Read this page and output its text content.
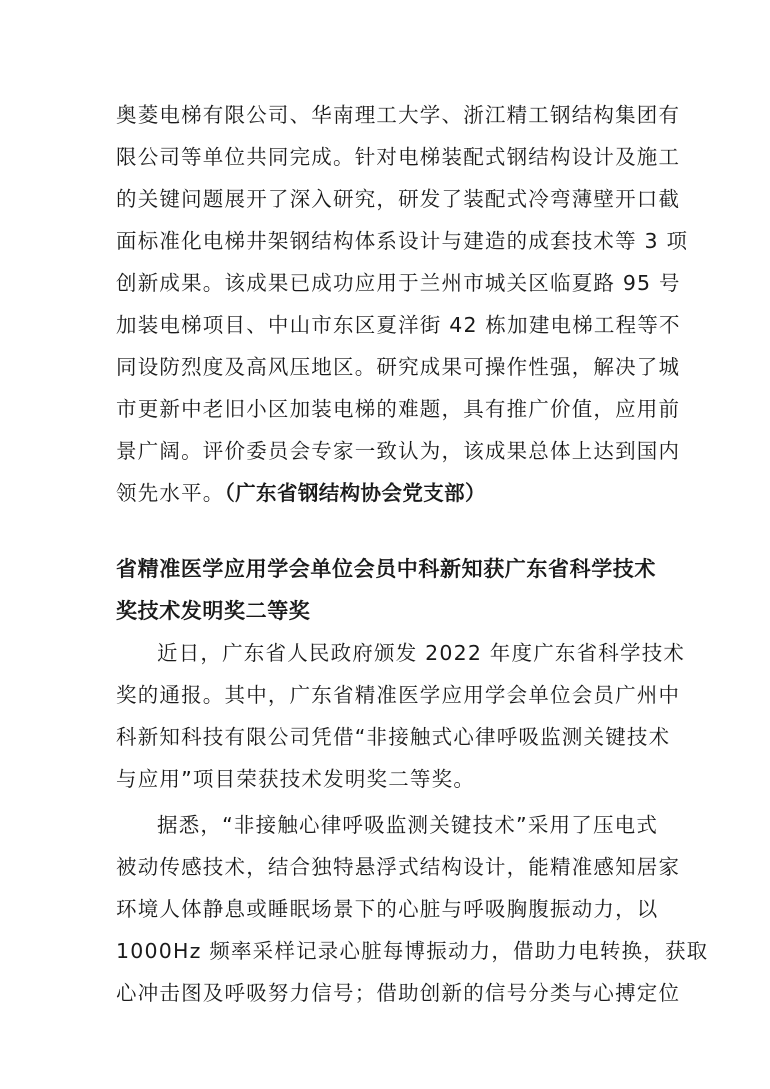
奥菱电梯有限公司、华南理工大学、浙江精工钢结构集团有
限公司等单位共同完成。针对电梯装配式钢结构设计及施工
的关键问题展开了深入研究，研发了装配式冷弯薄壁开口截
面标准化电梯井架钢结构体系设计与建造的成套技术等 3 项
创新成果。该成果已成功应用于兰州市城关区临夏路 95 号
加装电梯项目、中山市东区夏洋街 42 栋加建电梯工程等不
同设防烈度及高风压地区。研究成果可操作性强，解决了城
市更新中老旧小区加装电梯的难题，具有推广价值，应用前
景广阔。评价委员会专家一致认为，该成果总体上达到国内
领先水平。（广东省钢结构协会党支部）
省精准医学应用学会单位会员中科新知获广东省科学技术
奖技术发明奖二等奖
近日，广东省人民政府颁发 2022 年度广东省科学技术
奖的通报。其中，广东省精准医学应用学会单位会员广州中
科新知科技有限公司凭借“非接触式心律呼吸监测关键技术
与应用”项目荣获技术发明奖二等奖。
据悉，“非接触心律呼吸监测关键技术”采用了压电式
被动传感技术，结合独特悬浮式结构设计，能精准感知居家
环境人体静息或睡眠场景下的心脏与呼吸胸腹振动力，以
1000Hz 频率采样记录心脏每博振动力，借助力电转换，获取
心冲击图及呼吸努力信号；借助创新的信号分类与心搏定位
